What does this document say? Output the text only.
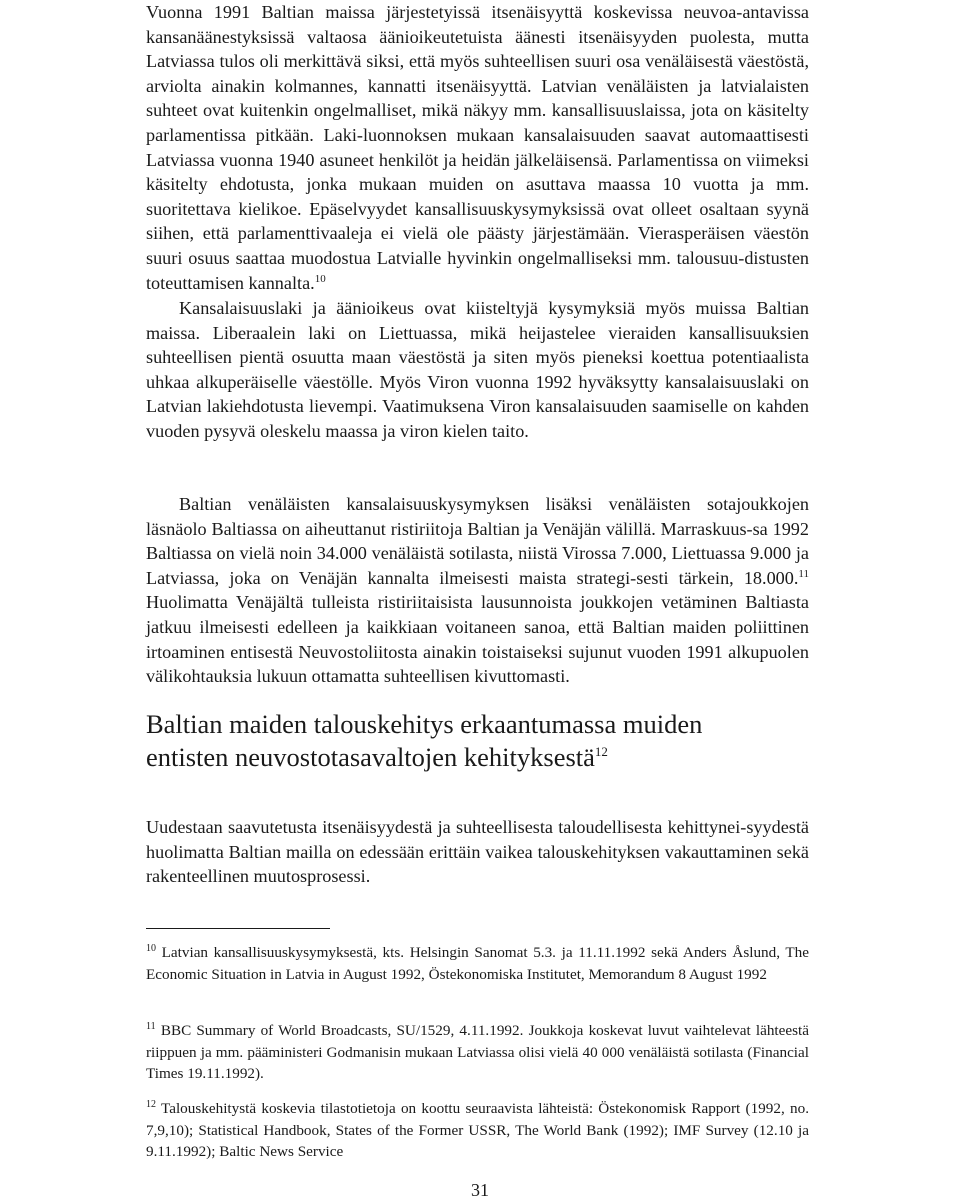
Vuonna 1991 Baltian maissa järjestetyissä itsenäisyyttä koskevissa neuvoa-antavissa kansanäänestyksissä valtaosa äänioikeutetuista äänesti itsenäisyyden puolesta, mutta Latviassa tulos oli merkittävä siksi, että myös suhteellisen suuri osa venäläisestä väestöstä, arviolta ainakin kolmannes, kannatti itsenäisyyttä. Latvian venäläisten ja latvialaisten suhteet ovat kuitenkin ongelmalliset, mikä näkyy mm. kansallisuuslaissa, jota on käsitelty parlamentissa pitkään. Laki-luonnoksen mukaan kansalaisuuden saavat automaattisesti Latviassa vuonna 1940 asuneet henkilöt ja heidän jälkeläisensä. Parlamentissa on viimeksi käsitelty ehdotusta, jonka mukaan muiden on asuttava maassa 10 vuotta ja mm. suoritettava kielikoe. Epäselvyydet kansallisuuskysymyksissä ovat olleet osaltaan syynä siihen, että parlamenttivaaleja ei vielä ole päästy järjestämään. Vierasperäisen väestön suuri osuus saattaa muodostua Latvialle hyvinkin ongelmalliseksi mm. talousuu-distusten toteuttamisen kannalta.$^{10}$

Kansalaisuuslaki ja äänioikeus ovat kiisteltyjä kysymyksiä myös muissa Baltian maissa. Liberaalein laki on Liettuassa, mikä heijastelee vieraiden kansallisuuksien suhteellisen pientä osuutta maan väestöstä ja siten myös pieneksi koettua potentiaalista uhkaa alkuperäiselle väestölle. Myös Viron vuonna 1992 hyväksytty kansalaisuuslaki on Latvian lakiehdotusta lievempi. Vaatimuksena Viron kansalaisuuden saamiselle on kahden vuoden pysyvä oleskelu maassa ja viron kielen taito.

Baltian venäläisten kansalaisuuskysymyksen lisäksi venäläisten sotajoukkojen läsnäolo Baltiassa on aiheuttanut ristiriitoja Baltian ja Venäjän välillä. Marraskuus-sa 1992 Baltiassa on vielä noin 34.000 venäläistä sotilasta, niistä Virossa 7.000, Liettuassa 9.000 ja Latviassa, joka on Venäjän kannalta ilmeisesti maista strategi-sesti tärkein, 18.000.11 Huolimatta Venäjältä tulleista ristiriitaisista lausunnoista joukkojen vetäminen Baltiasta jatkuu ilmeisesti edelleen ja kaikkiaan voitaneen sanoa, että Baltian maiden poliittinen irtoaminen entisestä Neuvostoliitosta ainakin toistaiseksi sujunut vuoden 1991 alkupuolen välikohtauksia lukuun ottamatta suhteellisen kivuttomasti.

Baltian maiden talouskehitys erkaantumassa muiden
entisten neuvostotasavaltojen kehityksestä$^{12}$

Uudestaan saavutetusta itsenäisyydestä ja suhteellisesta taloudellisesta kehittynei-syydestä huolimatta Baltian mailla on edessään erittäin vaikea talouskehityksen vakauttaminen sekä rakenteellinen muutosprosessi.

$^{10}$ Latvian kansallisuuskysymyksestä, kts. Helsingin Sanomat 5.3. ja 11.11.1992 sekä Anders Åslund, The Economic Situation in Latvia in August 1992, Östekonomiska Institutet, Memorandum 8 August 1992

$^{11}$ BBC Summary of World Broadcasts, SU/1529, 4.11.1992. Joukkoja koskevat luvut vaihtelevat lähteestä riippuen ja mm. pääministeri Godmanisin mukaan Latviassa olisi vielä 40 000 venäläistä sotilasta (Financial Times 19.11.1992).

$^{12}$ Talouskehitystä koskevia tilastotietoja on koottu seuraavista lähteistä: Östekonomisk Rapport (1992, no. 7,9,10); Statistical Handbook, States of the Former USSR, The World Bank (1992); IMF Survey (12.10 ja 9.11.1992); Baltic News Service

31
